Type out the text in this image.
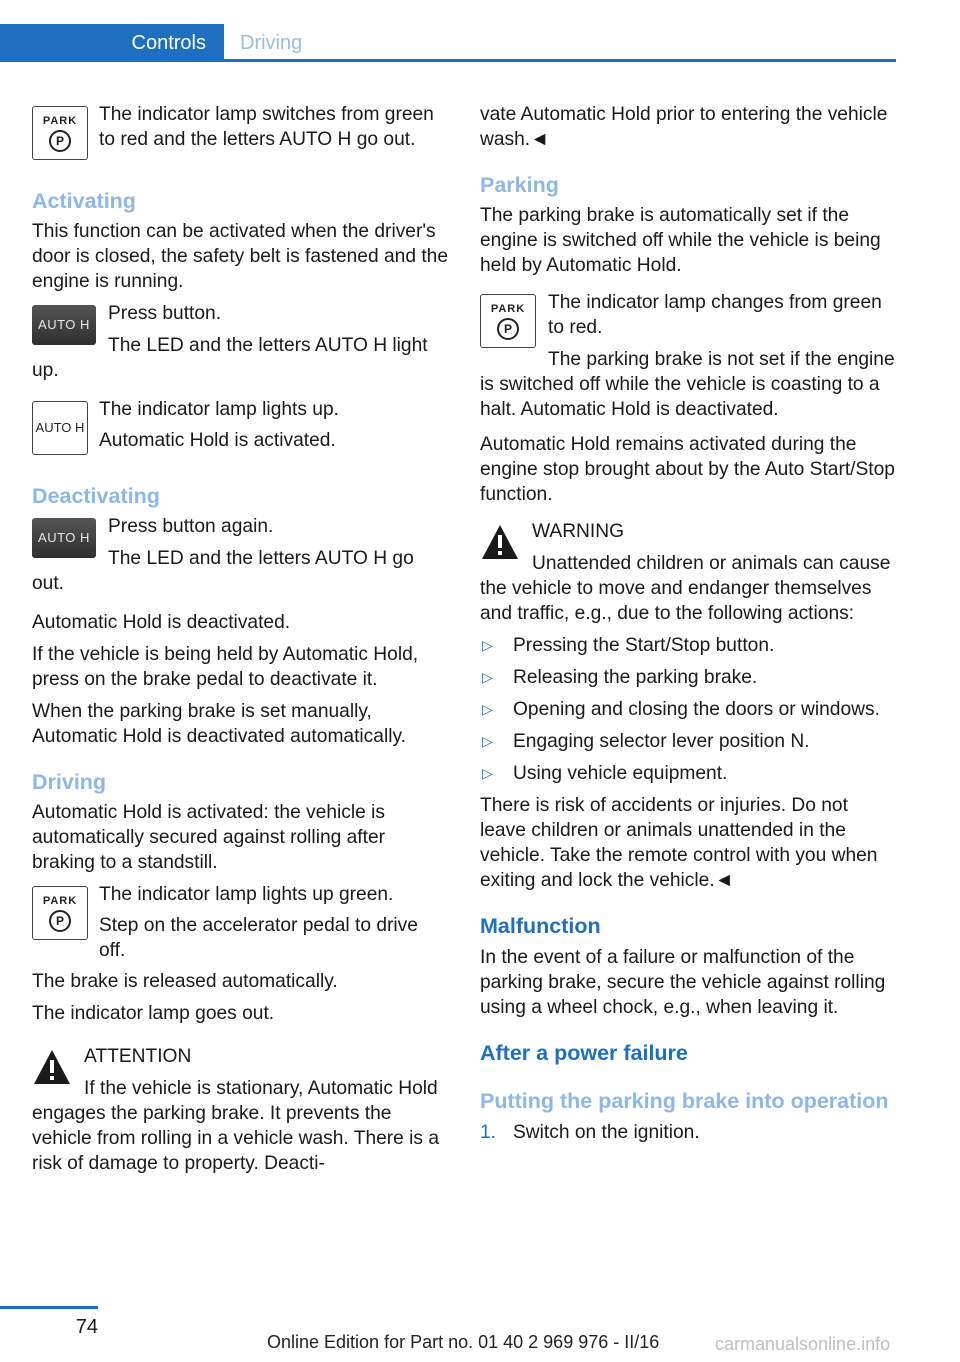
Controls	Driving
PARK
P

The indicator lamp switches from green to red and the letters AUTO H go out.

Activating

This function can be activated when the driver's door is closed, the safety belt is fastened and the engine is running.

AUTO H

Press button.

The LED and the letters AUTO H light up.

AUTO H

The indicator lamp lights up.

Automatic Hold is activated.

Deactivating
AUTO H

Press button again.

The LED and the letters AUTO H go out.

Automatic Hold is deactivated.

If the vehicle is being held by Automatic Hold, press on the brake pedal to deactivate it.

When the parking brake is set manually, Automatic Hold is deactivated automatically.

Driving

Automatic Hold is activated: the vehicle is automatically secured against rolling after braking to a standstill.

PARK
P

The indicator lamp lights up green.

Step on the accelerator pedal to drive off.

The brake is released automatically.

The indicator lamp goes out.

ATTENTION

If the vehicle is stationary, Automatic Hold engages the parking brake. It prevents the vehicle from rolling in a vehicle wash. There is a risk of damage to property. Deacti-

vate Automatic Hold prior to entering the vehicle wash.◄

Parking

The parking brake is automatically set if the engine is switched off while the vehicle is being held by Automatic Hold.

PARK
P

The indicator lamp changes from green to red.

The parking brake is not set if the engine is switched off while the vehicle is coasting to a halt. Automatic Hold is deactivated.

Automatic Hold remains activated during the engine stop brought about by the Auto Start/Stop function.

WARNING

Unattended children or animals can cause the vehicle to move and endanger themselves and traffic, e.g., due to the following actions:

▷ Pressing the Start/Stop button.
▷ Releasing the parking brake.
▷ Opening and closing the doors or windows.
▷ Engaging selector lever position N.
▷ Using vehicle equipment.

There is risk of accidents or injuries. Do not leave children or animals unattended in the vehicle. Take the remote control with you when exiting and lock the vehicle.◄

Malfunction

In the event of a failure or malfunction of the parking brake, secure the vehicle against rolling using a wheel chock, e.g., when leaving it.

After a power failure
Putting the parking brake into operation
1. Switch on the ignition.
74
Online Edition for Part no. 01 40 2 969 976 - II/16	carmanualsonline.info
